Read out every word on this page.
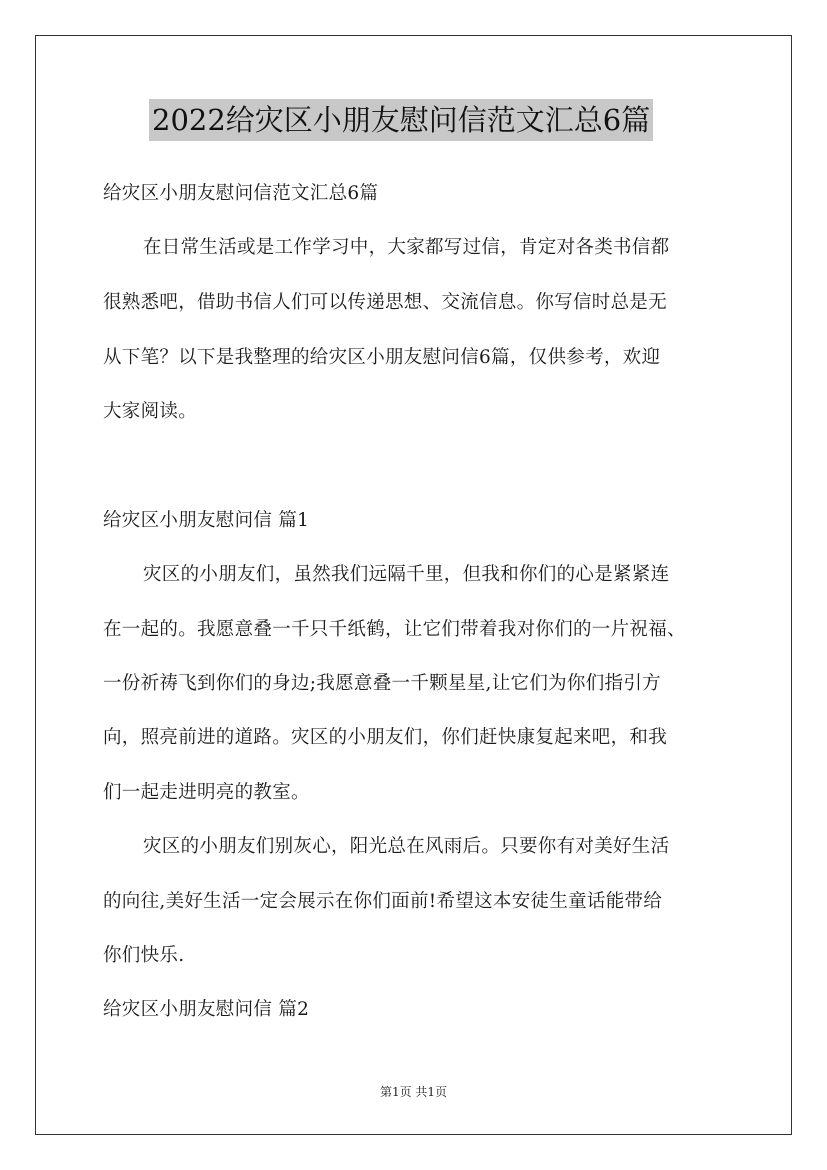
2022给灾区小朋友慰问信范文汇总6篇
给灾区小朋友慰问信范文汇总6篇
在日常生活或是工作学习中，大家都写过信，肯定对各类书信都
很熟悉吧，借助书信人们可以传递思想、交流信息。你写信时总是无
从下笔？以下是我整理的给灾区小朋友慰问信6篇，仅供参考，欢迎
大家阅读。
给灾区小朋友慰问信 篇1
灾区的小朋友们，虽然我们远隔千里，但我和你们的心是紧紧连
在一起的。我愿意叠一千只千纸鹤，让它们带着我对你们的一片祝福、
一份祈祷飞到你们的身边;我愿意叠一千颗星星,让它们为你们指引方
向，照亮前进的道路。灾区的小朋友们，你们赶快康复起来吧，和我
们一起走进明亮的教室。
灾区的小朋友们别灰心，阳光总在风雨后。只要你有对美好生活
的向往,美好生活一定会展示在你们面前!希望这本安徒生童话能带给
你们快乐.
给灾区小朋友慰问信 篇2
第1页 共1页
